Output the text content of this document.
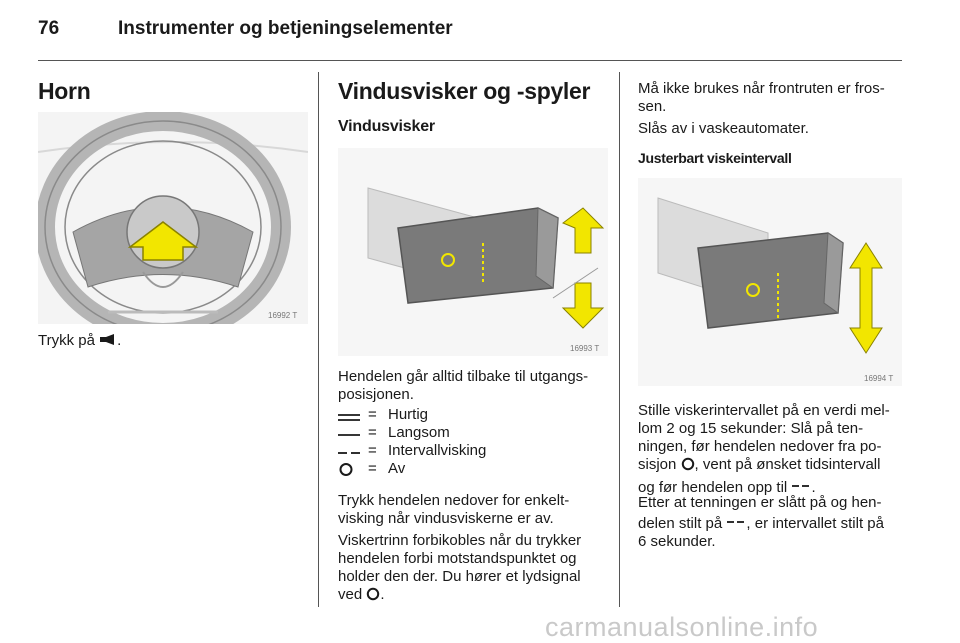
76	Instrumenter og betjeningselementer
Horn
16992 T
Trykk på .
Vindusvisker og -spyler
Vindusvisker
16993 T
Hendelen går alltid tilbake til utgangs-
posisjonen.
= Hurtig
= Langsom
= Intervallvisking
= Av
Trykk hendelen nedover for enkelt-
visking når vindusviskerne er av.
Viskertrinn forbikobles når du trykker
hendelen forbi motstandspunktet og
holder den der. Du hører et lydsignal
ved .
Må ikke brukes når frontruten er fros-
sen.
Slås av i vaskeautomater.
Justerbart viskeintervall
16994 T
Stille viskerintervallet på en verdi mel-
lom 2 og 15 sekunder: Slå på ten-
ningen, før hendelen nedover fra po-
sisjon , vent på ønsket tidsintervall
og før hendelen opp til .
Etter at tenningen er slått på og hen-
delen stilt på , er intervallet stilt på
6 sekunder.
carmanualsonline.info
